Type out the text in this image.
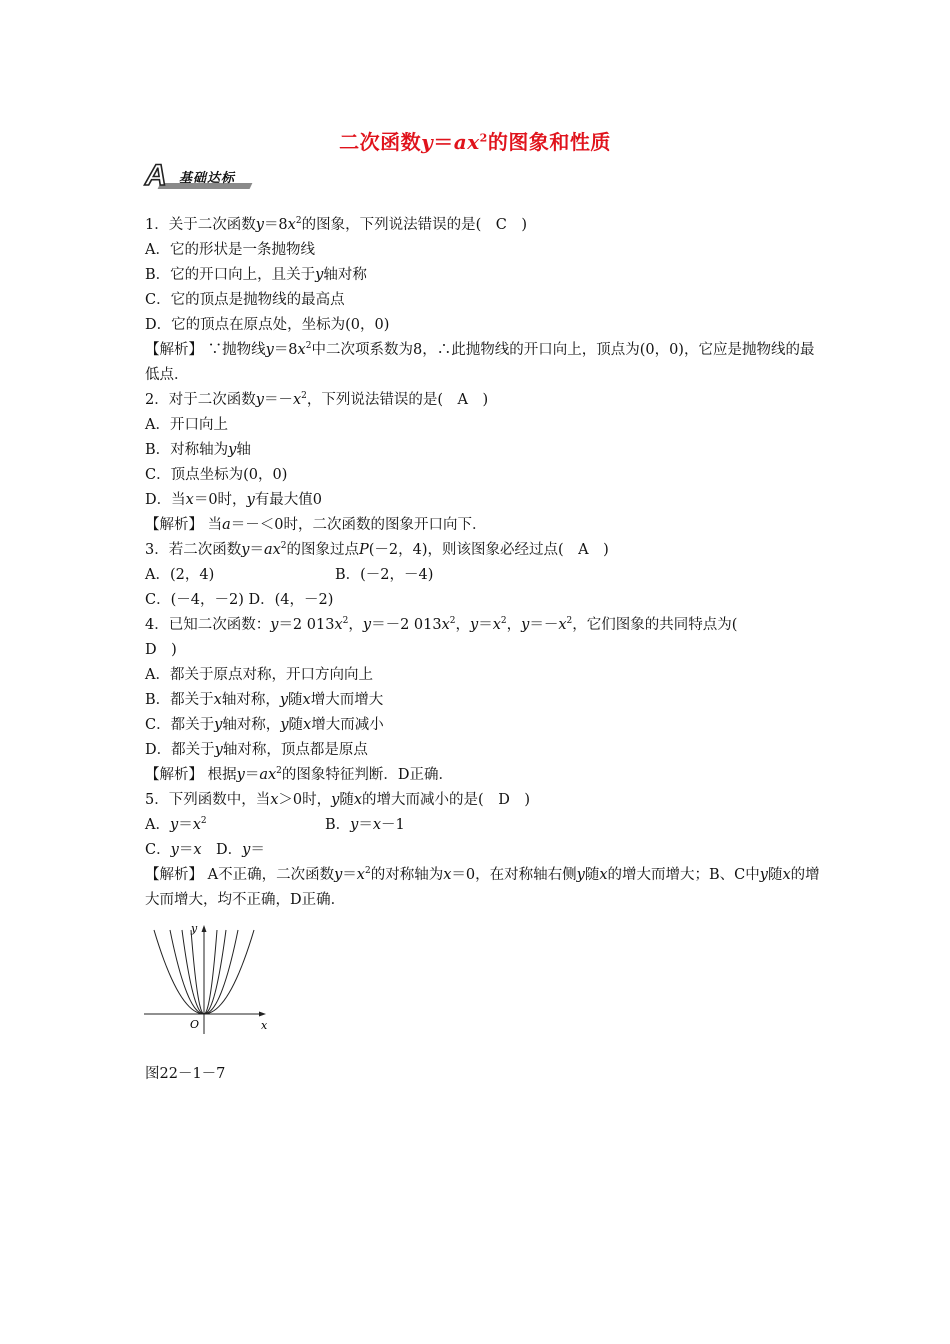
二次函数$y=ax^2$的图象和性质
A 基础达标
1．关于二次函数$y=8x^2$的图象，下列说法错误的是(　C　)
A．它的形状是一条抛物线
B．它的开口向上，且关于y轴对称
C．它的顶点是抛物线的最高点
D．它的顶点在原点处，坐标为(0，0)
【解析】 ∵抛物线$y=8x^2$中二次项系数为8，∴此抛物线的开口向上，顶点为(0，0)，它应是抛物线的最低点．
2．对于二次函数$y=-x^2$，下列说法错误的是(　A　)
A．开口向上
B．对称轴为y轴
C．顶点坐标为(0，0)
D．当x＝0时，y有最大值0
【解析】 当a＝－＜0时，二次函数的图象开口向下．
3．若二次函数$y=ax^2$的图象过点P(－2，4)，则该图象必经过点(　A　)
A．(2，4)	B．(－2，－4)
C．(－4，－2) D．(4，－2)
4．已知二次函数：y＝2 $013x^2$，y＝－2 $013x^2$，$y=x^2$，$y=-x^2$，它们图象的共同特点为(
D　)
A．都关于原点对称，开口方向向上
B．都关于x轴对称，y随x增大而增大
C．都关于y轴对称，y随x增大而减小
D．都关于y轴对称，顶点都是原点
【解析】 根据$y=ax^2$的图象特征判断．D正确．
5．下列函数中，当x＞0时，y随x的增大而减小的是(　D　)
A．$y=x^2$	B．y＝x－1
C．y＝x　D．y＝
【解析】 A不正确，二次函数$y=x^2$的对称轴为x＝0，在对称轴右侧y随x的增大而增大；B、C中y随x的增大而增大，均不正确，D正确．
y
x
O
图22－1－7
